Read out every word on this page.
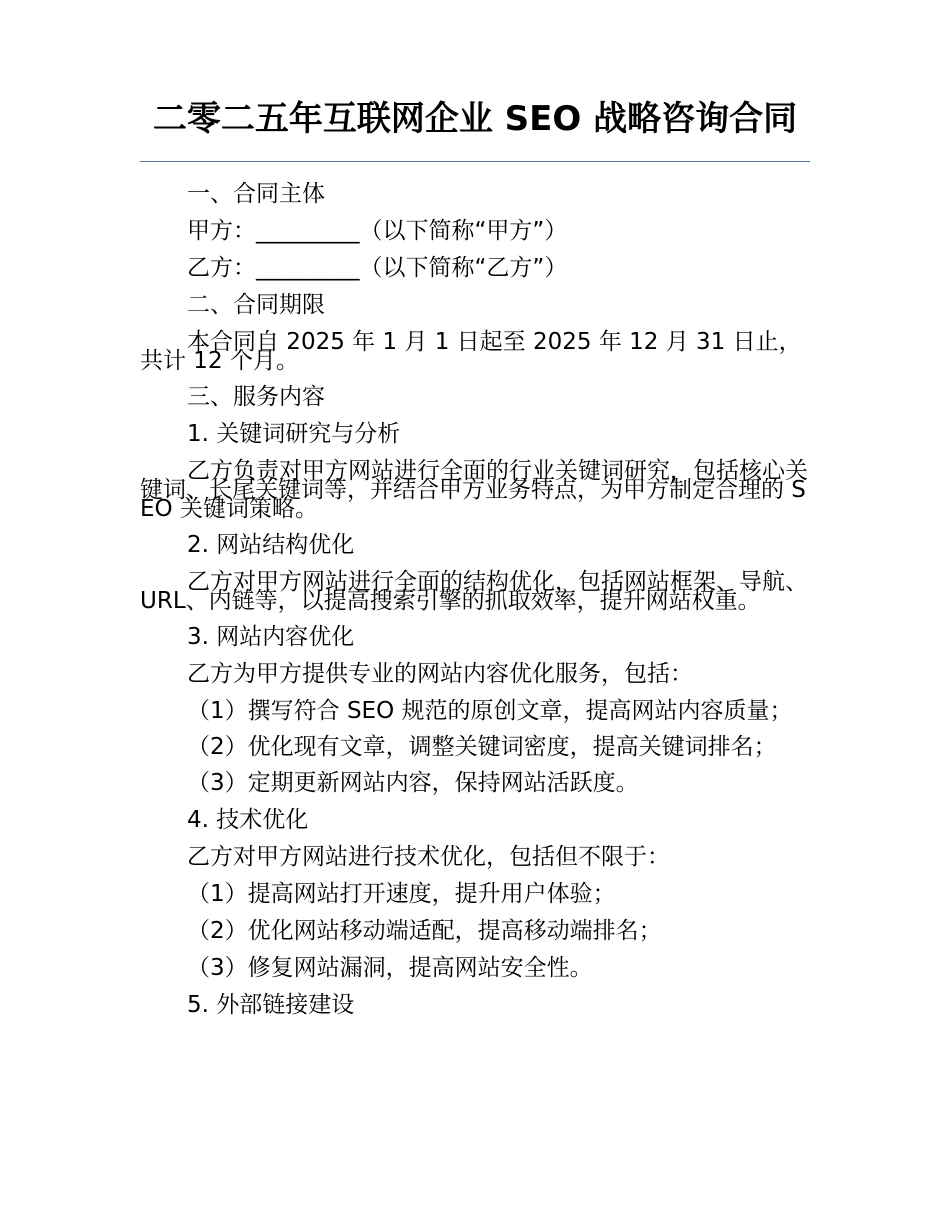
二零二五年互联网企业 SEO 战略咨询合同

一、合同主体

甲方：_________（以下简称“甲方”）

乙方：_________（以下简称“乙方”）

二、合同期限

本合同自 2025 年 1 月 1 日起至 2025 年 12 月 31 日止，共计 12 个月。

三、服务内容

1. 关键词研究与分析

乙方负责对甲方网站进行全面的行业关键词研究，包括核心关键词、长尾关键词等，并结合甲方业务特点，为甲方制定合理的 SEO 关键词策略。

2. 网站结构优化

乙方对甲方网站进行全面的结构优化，包括网站框架、导航、URL、内链等，以提高搜索引擎的抓取效率，提升网站权重。

3. 网站内容优化

乙方为甲方提供专业的网站内容优化服务，包括：

（1）撰写符合 SEO 规范的原创文章，提高网站内容质量；

（2）优化现有文章，调整关键词密度，提高关键词排名；

（3）定期更新网站内容，保持网站活跃度。

4. 技术优化

乙方对甲方网站进行技术优化，包括但不限于：

（1）提高网站打开速度，提升用户体验；

（2）优化网站移动端适配，提高移动端排名；

（3）修复网站漏洞，提高网站安全性。

5. 外部链接建设
